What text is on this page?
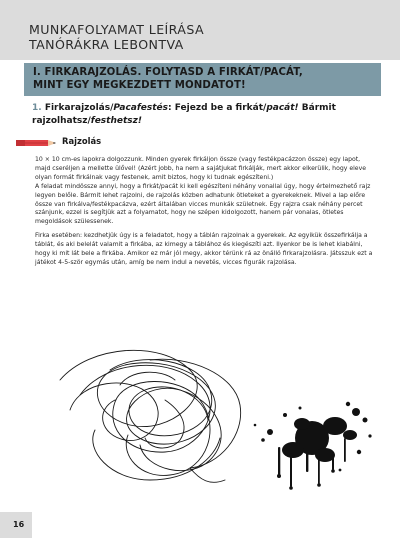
MUNKAFOLYAMAT LEÍRÁSA
TANÓRÁKRA LEBONTVA
I. FIRKARAJZOLÁS. FOLYTASD A FIRKÁT/PACÁT,
MINT EGY MEGKEZDETT MONDATOT!
1. Firkarajzolás/Pacafestés: Fejezd be a firkát/pacát! Bármit rajzolhatsz/festhetsz!
Rajzolás

10 × 10 cm-es lapokra dolgozzunk. Minden gyerek firkáljon össze (vagy festékpacázzon össze) egy lapot, majd cseréljen a mellette ülővel! (Azért jobb, ha nem a sajátjukat firkálják, mert akkor elkerülik, hogy eleve olyan formát firkálnak vagy festenek, amit biztos, hogy ki tudnak egészíteni.)

A feladat mindössze annyi, hogy a firkát/pacát ki kell egészíteni néhány vonallal úgy, hogy értelmezhető rajz legyen belőle. Bármit lehet rajzolni, de rajzolás közben adhatunk ötleteket a gyerekeknek. Mivel a lap előre össze van firkálva/festékpacázva, ezért általában vicces munkák születnek. Egy rajzra csak néhány percet szánjunk, ezzel is segítjük azt a folyamatot, hogy ne szépen kidolgozott, hanem pár vonalas, ötletes megoldások szülessenek.

Firka esetében: kezdhetjük úgy is a feladatot, hogy a táblán rajzolnak a gyerekek. Az egyikük összefirkálja a táblát, és aki belelát valamit a firkába, az kimegy a táblához és kiegészíti azt. Ilyenkor be is lehet kiabálni, hogy ki mit lát bele a firkába. Amikor ez már jól megy, akkor térünk rá az önálló firkarajzolásra. Játsszuk ezt a játékot 4-5-ször egymás után, amíg be nem indul a nevetés, vicces figurák rajzolása.

16
